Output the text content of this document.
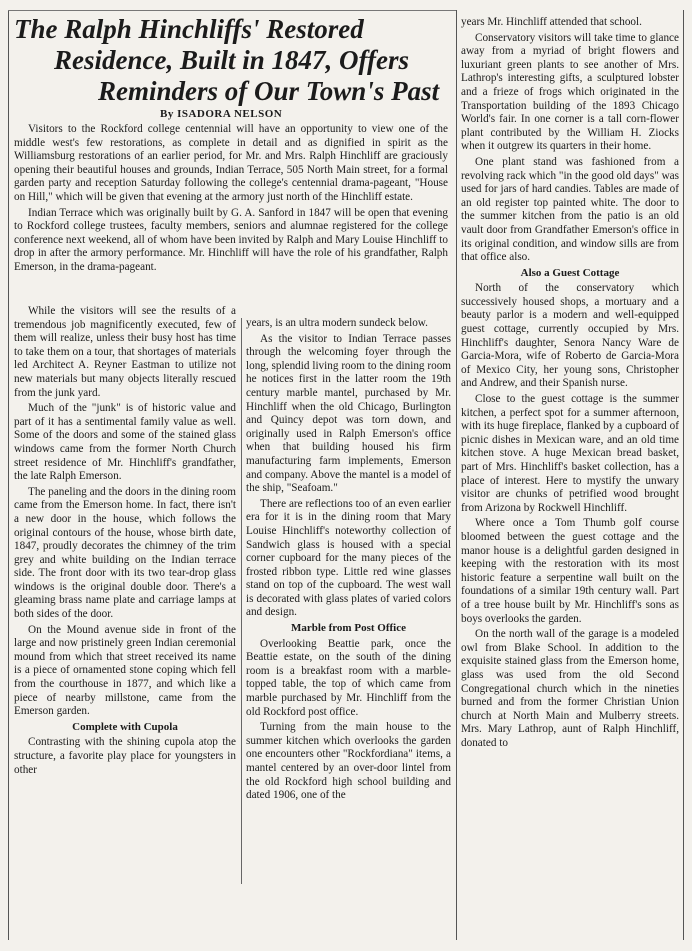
The Ralph Hinchliffs' Restored
Residence, Built in 1847, Offers
Reminders of Our Town's Past
By ISADORA NELSON

Visitors to the Rockford college centennial will have an opportunity to view one of the middle west's few restorations, as complete in detail and as dignified in spirit as the Williamsburg restorations of an earlier period, for Mr. and Mrs. Ralph Hinchliff are graciously opening their beautiful houses and grounds, Indian Terrace, 505 North Main street, for a formal garden party and reception Saturday following the college's centennial drama-pageant, "House on Hill," which will be given that evening at the armory just north of the Hinchliff estate.

Indian Terrace which was originally built by G. A. Sanford in 1847 will be open that evening to Rockford college trustees, faculty members, seniors and alumnae registered for the college conference next weekend, all of whom have been invited by Ralph and Mary Louise Hinchliff to drop in after the armory performance. Mr. Hinchliff will have the role of his grandfather, Ralph Emerson, in the drama-pageant.

While the visitors will see the results of a tremendous job magnificently executed, few of them will realize, unless their busy host has time to take them on a tour, that shortages of materials led Architect A. Reyner Eastman to utilize not new materials but many objects literally rescued from the junk yard.

Much of the "junk" is of historic value and part of it has a sentimental family value as well. Some of the doors and some of the stained glass windows came from the former North Church street residence of Mr. Hinchliff's grandfather, the late Ralph Emerson.

The paneling and the doors in the dining room came from the Emerson home. In fact, there isn't a new door in the house, which follows the original contours of the house, whose birth date, 1847, proudly decorates the chimney of the trim grey and white building on the Indian terrace side. The front door with its two tear-drop glass windows is the original double door. There's a gleaming brass name plate and carriage lamps at both sides of the door.

On the Mound avenue side in front of the large and now pristinely green Indian ceremonial mound from which that street received its name is a piece of ornamented stone coping which fell from the courthouse in 1877, and which like a piece of nearby millstone, came from the Emerson garden.

Complete with Cupola

Contrasting with the shining cupola atop the structure, a favorite play place for youngsters in other

years, is an ultra modern sundeck below.

As the visitor to Indian Terrace passes through the welcoming foyer through the long, splendid living room to the dining room he notices first in the latter room the 19th century marble mantel, purchased by Mr. Hinchliff when the old Chicago, Burlington and Quincy depot was torn down, and originally used in Ralph Emerson's office when that building housed his firm manufacturing farm implements, Emerson and company. Above the mantel is a model of the ship, "Seafoam."

There are reflections too of an even earlier era for it is in the dining room that Mary Louise Hinchliff's noteworthy collection of Sandwich glass is housed with a special corner cupboard for the many pieces of the frosted ribbon type. Little red wine glasses stand on top of the cupboard. The west wall is decorated with glass plates of varied colors and design.

Marble from Post Office

Overlooking Beattie park, once the Beattie estate, on the south of the dining room is a breakfast room with a marble-topped table, the top of which came from marble purchased by Mr. Hinchliff from the old Rockford post office.

Turning from the main house to the summer kitchen which overlooks the garden one encounters other "Rockfordiana" items, a mantel centered by an over-door lintel from the old Rockford high school building and dated 1906, one of the

years Mr. Hinchliff attended that school.

Conservatory visitors will take time to glance away from a myriad of bright flowers and luxuriant green plants to see another of Mrs. Lathrop's interesting gifts, a sculptured lobster and a frieze of frogs which originated in the Transportation building of the 1893 Chicago World's fair. In one corner is a tall corn-flower plant contributed by the William H. Ziocks when it outgrew its quarters in their home.

One plant stand was fashioned from a revolving rack which "in the good old days" was used for jars of hard candies. Tables are made of an old register top painted white. The door to the summer kitchen from the patio is an old vault door from Grandfather Emerson's office in its original condition, and window sills are from that office also.

Also a Guest Cottage

North of the conservatory which successively housed shops, a mortuary and a beauty parlor is a modern and well-equipped guest cottage, currently occupied by Mrs. Hinchliff's daughter, Senora Nancy Ware de Garcia-Mora, wife of Roberto de Garcia-Mora of Mexico City, her young sons, Christopher and Andrew, and their Spanish nurse.

Close to the guest cottage is the summer kitchen, a perfect spot for a summer afternoon, with its huge fireplace, flanked by a cupboard of picnic dishes in Mexican ware, and an old time kitchen stove. A huge Mexican bread basket, part of Mrs. Hinchliff's basket collection, has a place of interest. Here to mystify the unwary visitor are chunks of petrified wood brought from Arizona by Rockwell Hinchliff.

Where once a Tom Thumb golf course bloomed between the guest cottage and the manor house is a delightful garden designed in keeping with the restoration with its most historic feature a serpentine wall built on the foundations of a similar 19th century wall. Part of a tree house built by Mr. Hinchliff's sons as boys overlooks the garden.

On the north wall of the garage is a modeled owl from Blake School. In addition to the exquisite stained glass from the Emerson home, glass was used from the old Second Congregational church which in the nineties burned and from the former Christian Union church at North Main and Mulberry streets. Mrs. Mary Lathrop, aunt of Ralph Hinchliff, donated to
